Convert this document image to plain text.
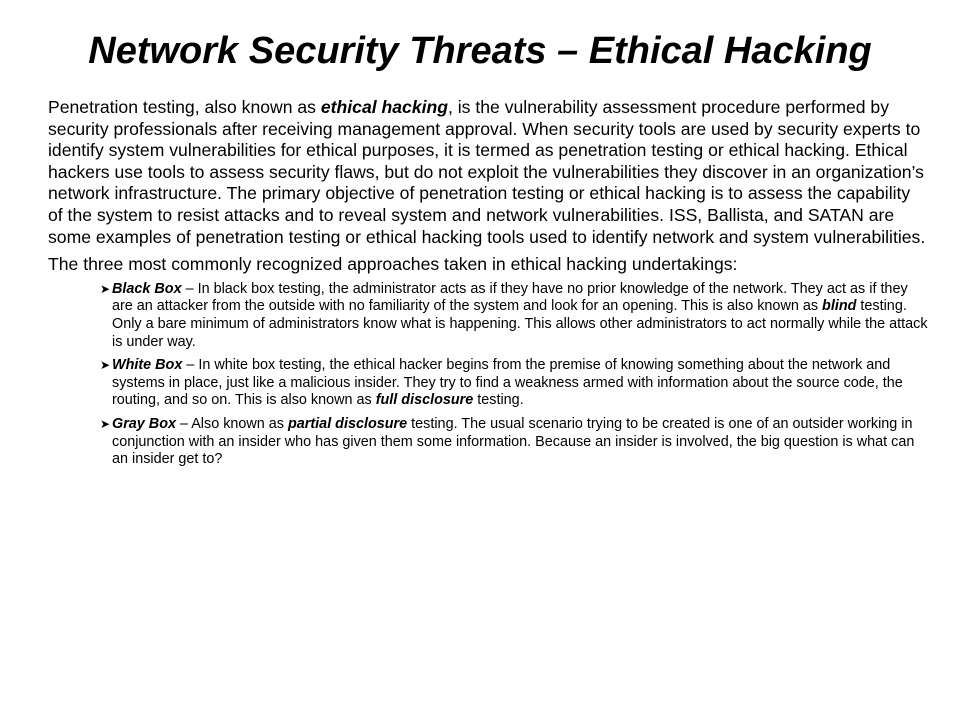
Network Security Threats – Ethical Hacking

Penetration testing, also known as ethical hacking, is the vulnerability assessment procedure performed by security professionals after receiving management approval. When security tools are used by security experts to identify system vulnerabilities for ethical purposes, it is termed as penetration testing or ethical hacking. Ethical hackers use tools to assess security flaws, but do not exploit the vulnerabilities they discover in an organization’s network infrastructure. The primary objective of penetration testing or ethical hacking is to assess the capability of the system to resist attacks and to reveal system and network vulnerabilities. ISS, Ballista, and SATAN are some examples of penetration testing or ethical hacking tools used to identify network and system vulnerabilities.

The three most commonly recognized approaches taken in ethical hacking undertakings:

➤ Black Box – In black box testing, the administrator acts as if they have no prior knowledge of the network. They act as if they are an attacker from the outside with no familiarity of the system and look for an opening. This is also known as blind testing. Only a bare minimum of administrators know what is happening. This allows other administrators to act normally while the attack is under way.
➤ White Box – In white box testing, the ethical hacker begins from the premise of knowing something about the network and systems in place, just like a malicious insider. They try to find a weakness armed with information about the source code, the routing, and so on. This is also known as full disclosure testing.
➤ Gray Box – Also known as partial disclosure testing. The usual scenario trying to be created is one of an outsider working in conjunction with an insider who has given them some information. Because an insider is involved, the big question is what can an insider get to?
